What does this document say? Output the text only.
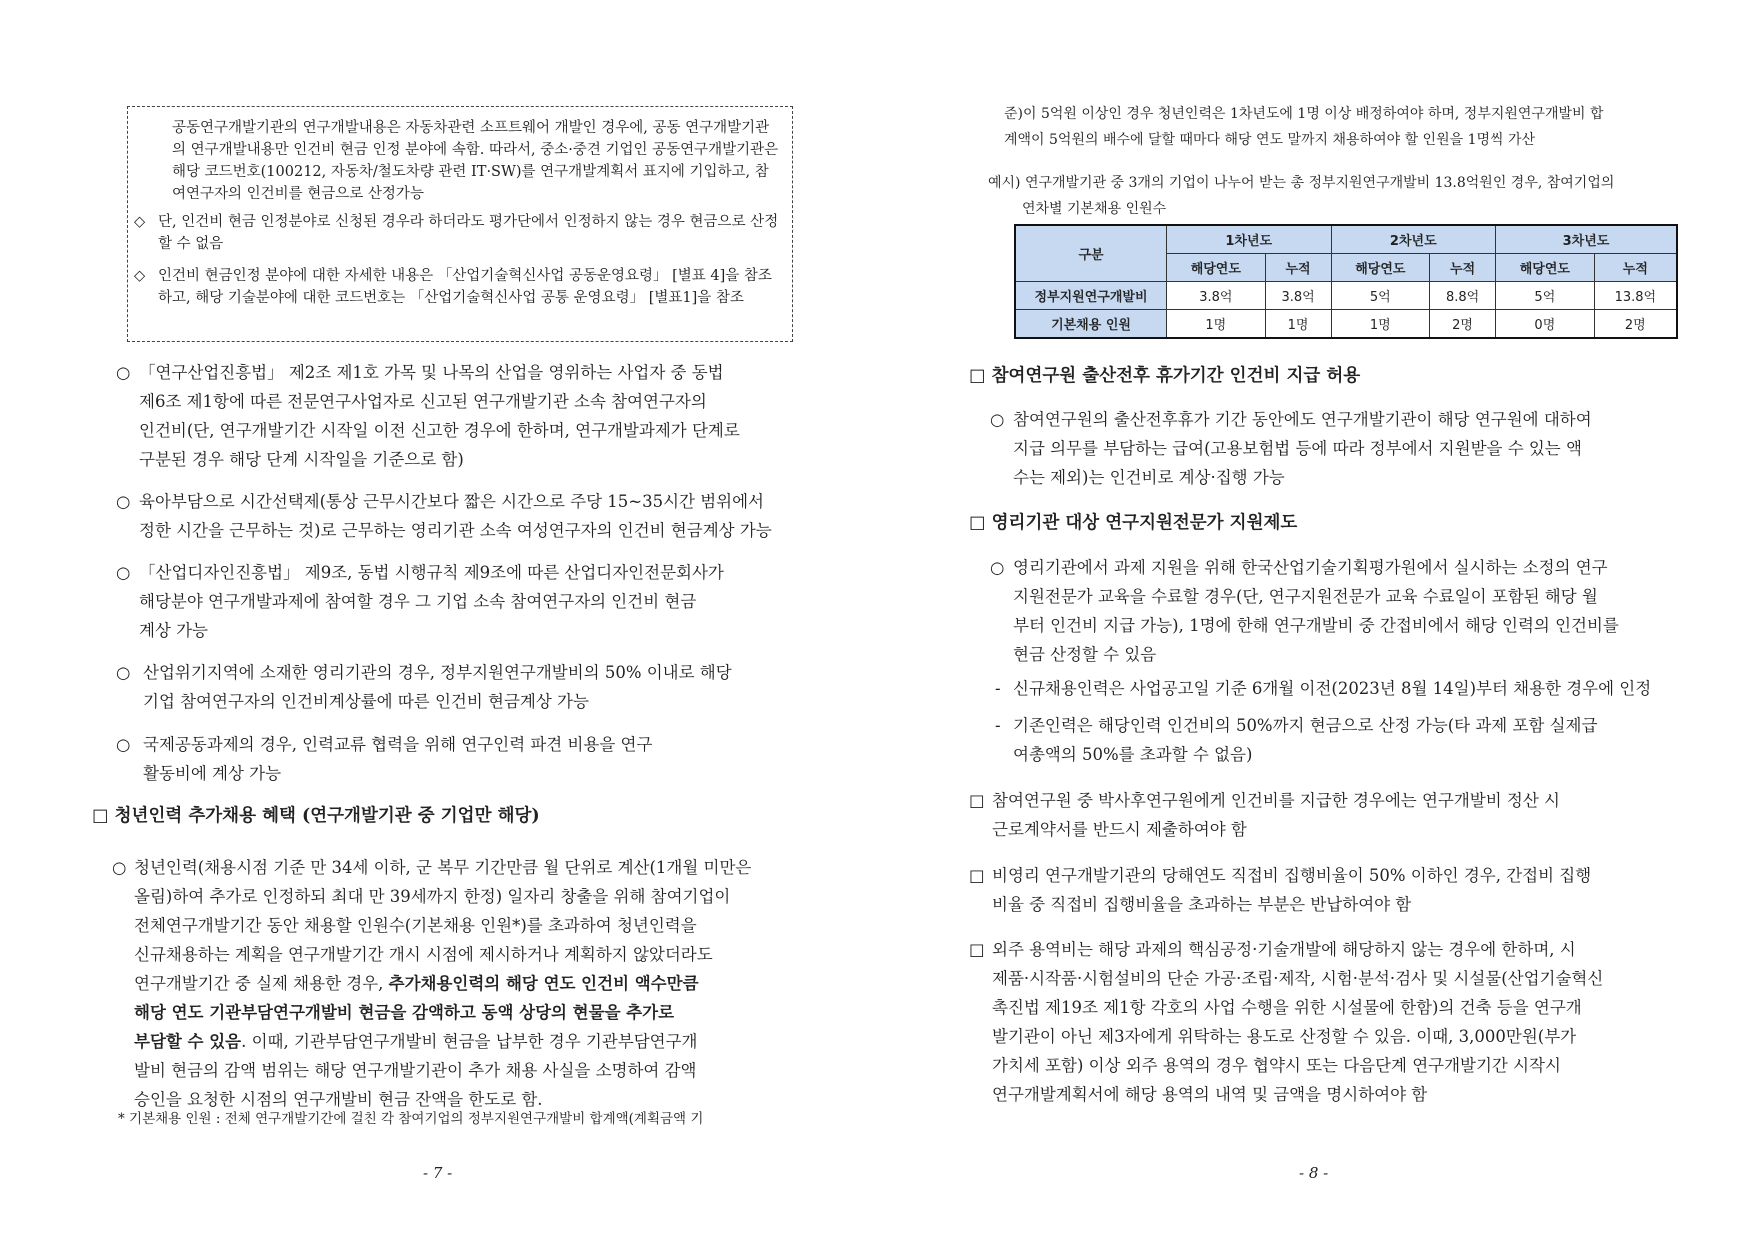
공동연구개발기관의 연구개발내용은 자동차관련 소프트웨어 개발인 경우에, 공동 연구개발기관의 연구개발내용만 인건비 현금 인정 분야에 속함. 따라서, 중소·중견 기업인 공동연구개발기관은 해당 코드번호(100212, 자동차/철도차량 관련 IT·SW)를 연구개발계획서 표지에 기입하고, 참여연구자의 인건비를 현금으로 산정가능
◇ 단, 인건비 현금 인정분야로 신청된 경우라 하더라도 평가단에서 인정하지 않는 경우 현금으로 산정할 수 없음
◇ 인건비 현금인정 분야에 대한 자세한 내용은 「산업기술혁신사업 공동운영요령」 [별표 4]을 참조하고, 해당 기술분야에 대한 코드번호는 「산업기술혁신사업 공통 운영요령」 [별표1]을 참조
○ 「연구산업진흥법」 제2조 제1호 가목 및 나목의 산업을 영위하는 사업자 중 동법
제6조 제1항에 따른 전문연구사업자로 신고된 연구개발기관 소속 참여연구자의
인건비(단, 연구개발기간 시작일 이전 신고한 경우에 한하며, 연구개발과제가 단계로
구분된 경우 해당 단계 시작일을 기준으로 함)
○ 육아부담으로 시간선택제(통상 근무시간보다 짧은 시간으로 주당 15~35시간 범위에서
정한 시간을 근무하는 것)로 근무하는 영리기관 소속 여성연구자의 인건비 현금계상 가능
○ 「산업디자인진흥법」 제9조, 동법 시행규칙 제9조에 따른 산업디자인전문회사가
해당분야 연구개발과제에 참여할 경우 그 기업 소속 참여연구자의 인건비 현금
계상 가능
○ 산업위기지역에 소재한 영리기관의 경우, 정부지원연구개발비의 50% 이내로 해당
기업 참여연구자의 인건비계상률에 따른 인건비 현금계상 가능
○ 국제공동과제의 경우, 인력교류 협력을 위해 연구인력 파견 비용을 연구
활동비에 계상 가능
□ 청년인력 추가채용 혜택 (연구개발기관 중 기업만 해당)
○ 청년인력(채용시점 기준 만 34세 이하, 군 복무 기간만큼 월 단위로 계산(1개월 미만은
올림)하여 추가로 인정하되 최대 만 39세까지 한정) 일자리 창출을 위해 참여기업이
전체연구개발기간 동안 채용할 인원수(기본채용 인원*)를 초과하여 청년인력을
신규채용하는 계획을 연구개발기간 개시 시점에 제시하거나 계획하지 않았더라도
연구개발기간 중 실제 채용한 경우, 추가채용인력의 해당 연도 인건비 액수만큼
해당 연도 기관부담연구개발비 현금을 감액하고 동액 상당의 현물을 추가로
부담할 수 있음. 이때, 기관부담연구개발비 현금을 납부한 경우 기관부담연구개
발비 현금의 감액 범위는 해당 연구개발기관이 추가 채용 사실을 소명하여 감액
승인을 요청한 시점의 연구개발비 현금 잔액을 한도로 함.
* 기본채용 인원 : 전체 연구개발기간에 걸친 각 참여기업의 정부지원연구개발비 합계액(계획금액 기
- 7 -
준)이 5억원 이상인 경우 청년인력은 1차년도에 1명 이상 배정하여야 하며, 정부지원연구개발비 합
계액이 5억원의 배수에 달할 때마다 해당 연도 말까지 채용하여야 할 인원을 1명씩 가산
예시) 연구개발기관 중 3개의 기업이 나누어 받는 총 정부지원연구개발비 13.8억원인 경우, 참여기업의
연차별 기본채용 인원수
구분	1차년도		2차년도		3차년도	
	해당연도	누적	해당연도	누적	해당연도	누적
정부지원연구개발비	3.8억	3.8억	5억	8.8억	5억	13.8억
기본채용 인원	1명	1명	1명	2명	0명	2명
□ 참여연구원 출산전후 휴가기간 인건비 지급 허용
○ 참여연구원의 출산전후휴가 기간 동안에도 연구개발기관이 해당 연구원에 대하여
지급 의무를 부담하는 급여(고용보험법 등에 따라 정부에서 지원받을 수 있는 액
수는 제외)는 인건비로 계상·집행 가능
□ 영리기관 대상 연구지원전문가 지원제도
○ 영리기관에서 과제 지원을 위해 한국산업기술기획평가원에서 실시하는 소정의 연구
지원전문가 교육을 수료할 경우(단, 연구지원전문가 교육 수료일이 포함된 해당 월
부터 인건비 지급 가능), 1명에 한해 연구개발비 중 간접비에서 해당 인력의 인건비를
현금 산정할 수 있음
- 신규채용인력은 사업공고일 기준 6개월 이전(2023년 8월 14일)부터 채용한 경우에 인정
- 기존인력은 해당인력 인건비의 50%까지 현금으로 산정 가능(타 과제 포함 실제급
여총액의 50%를 초과할 수 없음)
□ 참여연구원 중 박사후연구원에게 인건비를 지급한 경우에는 연구개발비 정산 시
근로계약서를 반드시 제출하여야 함
□ 비영리 연구개발기관의 당해연도 직접비 집행비율이 50% 이하인 경우, 간접비 집행
비율 중 직접비 집행비율을 초과하는 부분은 반납하여야 함
□ 외주 용역비는 해당 과제의 핵심공정·기술개발에 해당하지 않는 경우에 한하며, 시
제품·시작품·시험설비의 단순 가공·조립·제작, 시험·분석·검사 및 시설물(산업기술혁신
촉진법 제19조 제1항 각호의 사업 수행을 위한 시설물에 한함)의 건축 등을 연구개
발기관이 아닌 제3자에게 위탁하는 용도로 산정할 수 있음. 이때, 3,000만원(부가
가치세 포함) 이상 외주 용역의 경우 협약시 또는 다음단계 연구개발기간 시작시
연구개발계획서에 해당 용역의 내역 및 금액을 명시하여야 함
- 8 -
